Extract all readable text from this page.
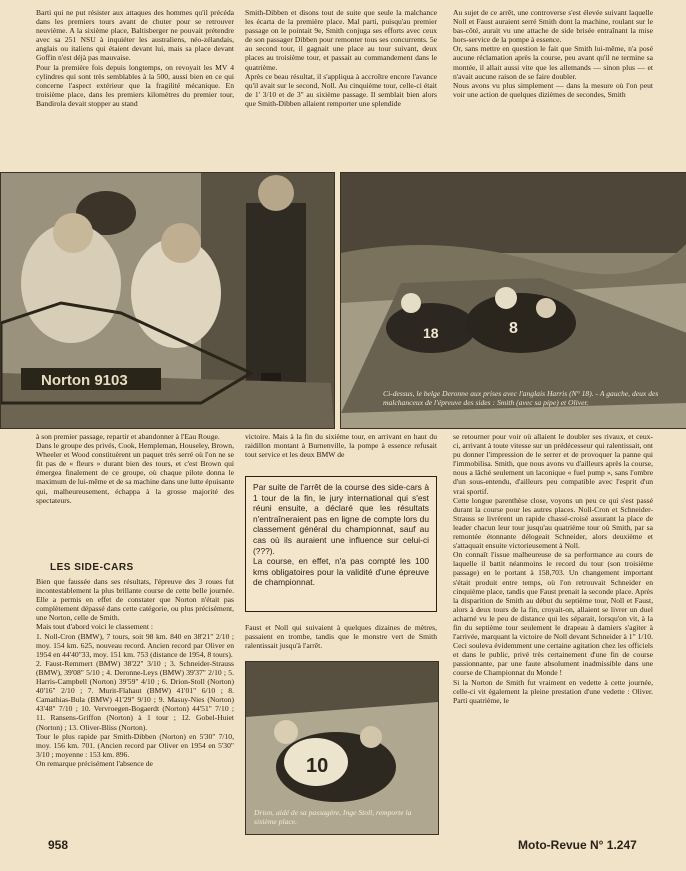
Barti qui ne put résister aux attaques des hommes qu'il précéda dans les premiers tours avant de chuter pour se retrouver neuvième. A la sixième place, Baltisberger ne pouvait prétendre avec sa 251 NSU à inquiéter les australiens, néo-zélandais, anglais ou italiens qui étaient devant lui, mais sa place devant Goffin n'est déjà pas mauvaise.
Pour la première fois depuis longtemps, on revoyait les MV 4 cylindres qui sont très semblables à la 500, aussi bien en ce qui concerne l'aspect extérieur que la fragilité mécanique. En troisième place, dans les premiers kilomètres du premier tour, Bandirola devait stopper au stand
Smith-Dibben et disons tout de suite que seule la malchance les écarta de la première place. Mal parti, puisqu'au premier passage on le pointait 9e, Smith conjuga ses efforts avec ceux de son passager Dibben pour remonter tous ses concurrents. 5e au second tour, il gagnait une place au tour suivant, deux places au troisième tour, et passait au commandement dans le quatrième.
Après ce beau résultat, il s'appliqua à accroître encore l'avance qu'il avait sur le second, Noll. Au cinquième tour, celle-ci était de 1' 3/10 et de 3" au sixième passage. Il semblait bien alors que Smith-Dibben allaient remporter une splendide
Au sujet de ce arrêt, une controverse s'est élevée suivant laquelle Noll et Faust auraient serré Smith dont la machine, roulant sur le bas-côté, aurait vu une attache de side brisée entraînant la mise hors-service de la pompe à essence.
Or, sans mettre en question le fait que Smith lui-même, n'a posé aucune réclamation après la course, peu avant qu'il ne termine sa montée, il allait aussi vite que les allemands — sinon plus — et n'avait aucune raison de se faire doubler.
Nous avons vu plus simplement — dans la mesure où l'on peut voir une action de quelques dizièmes de secondes, Smith
Norton 9103
18	8
Ci-dessus, le belge Deronne aux prises avec l'anglais Harris (N° 18). - A gauche, deux des malchanceux de l'épreuve des sides : Smith (avec sa pipe) et Oliver.
à son premier passage, repartir et abandonner à l'Eau Rouge.
Dans le groupe des privés, Cook, Hempleman, Houseley, Brown, Wheeler et Wood constituèrent un paquet très serré où l'on ne se fit pas de « fleurs » durant bien des tours, et c'est Brown qui émergea finalement de ce groupe, où chaque pilote donna le maximum de lui-même et de sa machine dans une lutte épuisante qui, malheureusement, échappa à la grosse majorité des spectateurs.
LES SIDE-CARS
Bien que faussée dans ses résultats, l'épreuve des 3 roues fut incontestablement la plus brillante course de cette belle journée. Elle a permis en effet de constater que Norton n'était pas complètement dépassé dans cette catégorie, ou plus précisément, une Norton, celle de Smith.
Mais tout d'abord voici le classement :
1. Noll-Cron (BMW), 7 tours, soit 98 km. 840 en 38'21" 2/10 ; moy. 154 km. 625, nouveau record. Ancien record par Oliver en 1954 en 44'40"33, moy. 151 km. 753 (distance de 1954, 8 tours).
2. Faust-Remmert (BMW) 38'22" 3/10 ; 3. Schneider-Strauss (BMW), 39'08" 5/10 ; 4. Deronne-Leys (BMW) 39'37" 2/10 ; 5. Harris-Campbell (Norton) 39'59" 4/10 ; 6. Drion-Stoll (Norton) 40'16" 2/10 ; 7. Murit-Flahaut (BMW) 41'01" 6/10 ; 8. Camathias-Bula (BMW) 41'29" 9/10 ; 9. Masuy-Nies (Norton) 43'48" 7/10 ; 10. Vervroegen-Bogaerdt (Norton) 44'51" 7/10 ; 11. Ransens-Griffon (Norton) à 1 tour ; 12. Gobel-Huiet (Norton) ; 13. Oliver-Bliss (Norton).
Tour le plus rapide par Smith-Dibben (Norton) en 5'30" 7/10, moy. 156 km. 701. (Ancien record par Oliver en 1954 en 5'30" 3/10 ; moyenne : 153 km. 896.
On remarque précisément l'absence de
victoire. Mais à la fin du sixième tour, en arrivant en haut du raidillon montant à Burnenville, la pompe à essence refusait tout service et les deux BMW de
Par suite de l'arrêt de la course des side-cars à 1 tour de la fin, le jury international qui s'est réuni ensuite, a déclaré que les résultats n'entraîneraient pas en ligne de compte lors du classement général du championnat, sauf au cas où ils auraient une influence sur celui-ci (???).
La course, en effet, n'a pas compté les 100 kms obligatoires pour la validité d'une épreuve de championnat.
Faust et Noll qui suivaient à quelques dizaines de mètres, passaient en trombe, tandis que le monstre vert de Smith ralentissait jusqu'à l'arrêt.
10
Drion, aidé de sa passagère, Inge Stoll, remporte la sixième place.
se retourner pour voir où allaient le doubler ses rivaux, et ceux-ci, arrivant à toute vitesse sur un prédécesseur qui ralentissait, ont pu donner l'impression de le serrer et de provoquer la panne qui l'immobilisa. Smith, que nous avons vu d'ailleurs après la course, nous a lâché seulement un laconique « fuel pump », sans l'ombre d'un sous-entendu, d'ailleurs peu compatible avec l'esprit d'un vrai sportif.
Cette longue parenthèse close, voyons un peu ce qui s'est passé durant la course pour les autres places. Noll-Cron et Schneider-Strauss se livrèrent un rapide chassé-croisé assurant la place de leader chacun leur tour jusqu'au quatrième tour où Smith, par sa remontée étonnante délogeait Schneider, alors deuxième et s'attaquait ensuite victorieusement à Noll.
On connaît l'issue malheureuse de sa performance au cours de laquelle il battit néanmoins le record du tour (son troisième passage) en le portant à 158,703. Un changement important s'était produit entre temps, où l'on retrouvait Schneider en cinquième place, tandis que Faust prenait la seconde place. Après la disparition de Smith au début du septième tour, Noll et Faust, alors à deux tours de la fin, croyait-on, allaient se livrer un duel acharné vu le peu de distance qui les séparait, lorsqu'on vit, à la fin du septième tour seulement le drapeau à damiers s'agiter à l'arrivée, marquant la victoire de Noll devant Schneider à 1" 1/10. Ceci souleva évidemment une certaine agitation chez les officiels et dans le public, privé très certainement d'une fin de course passionnante, par une faute absolument inadmissible dans une course de Championnat du Monde !
Si la Norton de Smith fut vraiment en vedette à cette journée, celle-ci vit également la pleine prestation d'une vedette : Oliver. Parti quatrième, le
958	Moto-Revue N° 1.247
